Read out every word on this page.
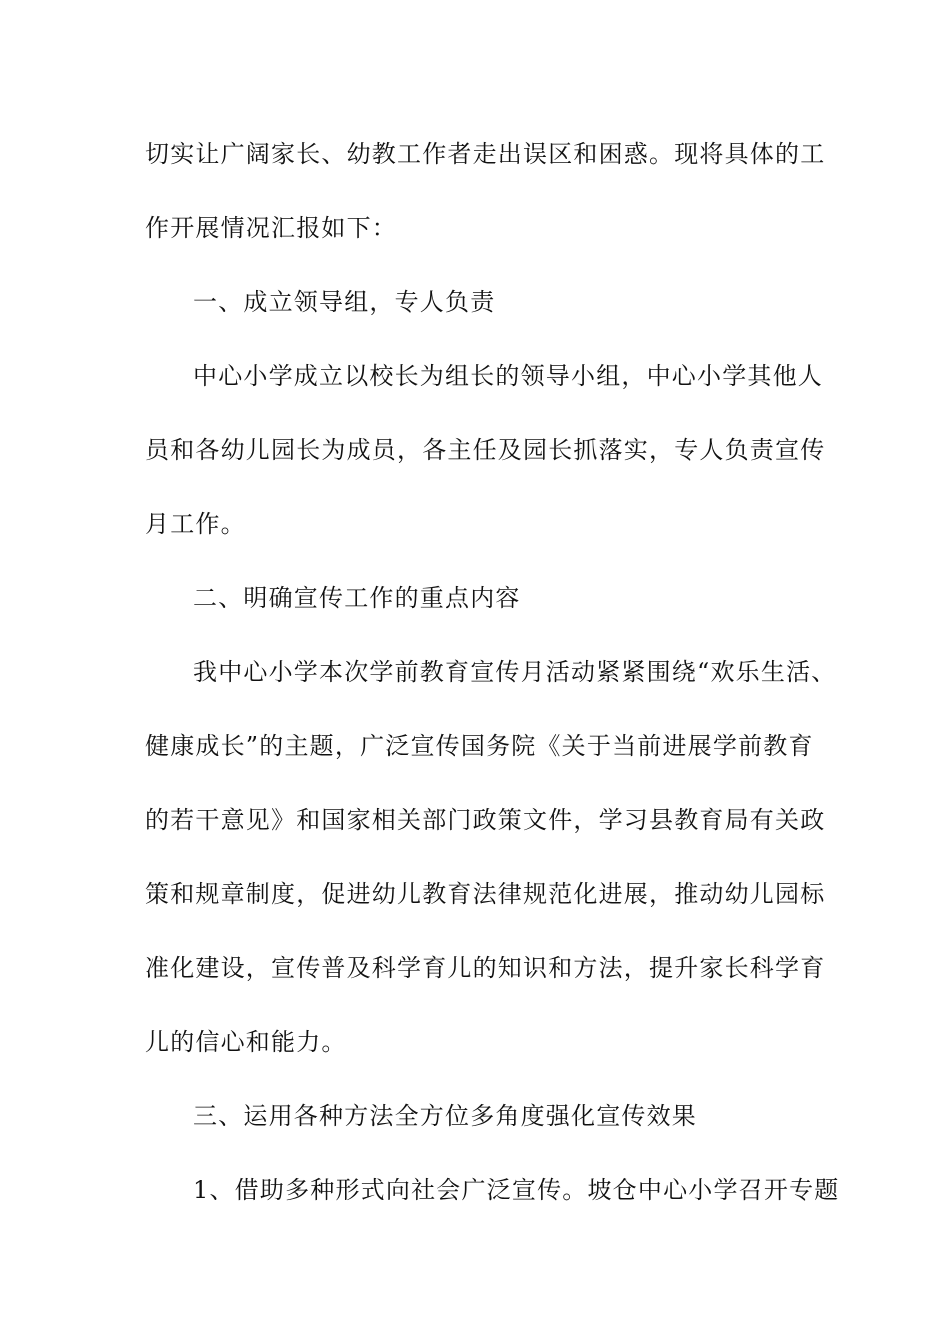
切实让广阔家长、幼教工作者走出误区和困惑。现将具体的工
作开展情况汇报如下：
一、成立领导组，专人负责
中心小学成立以校长为组长的领导小组，中心小学其他人
员和各幼儿园长为成员，各主任及园长抓落实，专人负责宣传
月工作。
二、明确宣传工作的重点内容
我中心小学本次学前教育宣传月活动紧紧围绕“欢乐生活、
健康成长”的主题，广泛宣传国务院《关于当前进展学前教育
的若干意见》和国家相关部门政策文件，学习县教育局有关政
策和规章制度，促进幼儿教育法律规范化进展，推动幼儿园标
准化建设，宣传普及科学育儿的知识和方法，提升家长科学育
儿的信心和能力。
三、运用各种方法全方位多角度强化宣传效果
1、借助多种形式向社会广泛宣传。坡仓中心小学召开专题
